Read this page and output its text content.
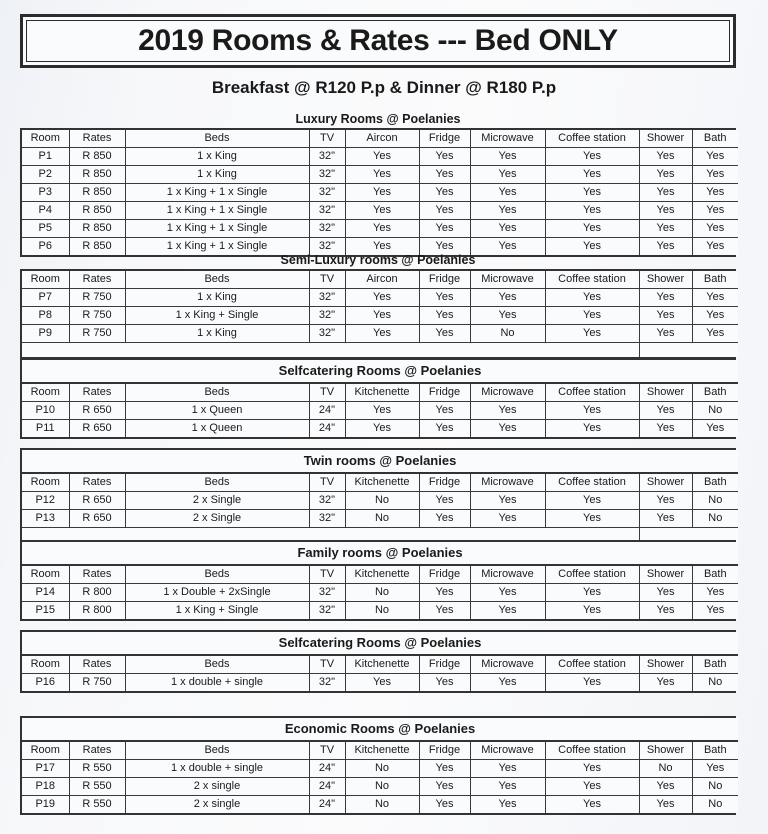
2019 Rooms & Rates --- Bed ONLY
Breakfast @ R120 P.p & Dinner @ R180 P.p
Luxury Rooms @ Poelanies
Room	Rates	Beds	TV	Aircon	Fridge	Microwave	Coffee station	Shower	Bath
P1	R 850	1 x King	32"	Yes	Yes	Yes	Yes	Yes	Yes
P2	R 850	1 x King	32"	Yes	Yes	Yes	Yes	Yes	Yes
P3	R 850	1 x King + 1 x Single	32"	Yes	Yes	Yes	Yes	Yes	Yes
P4	R 850	1 x King + 1 x Single	32"	Yes	Yes	Yes	Yes	Yes	Yes
P5	R 850	1 x King + 1 x Single	32"	Yes	Yes	Yes	Yes	Yes	Yes
P6	R 850	1 x King + 1 x Single	32"	Yes	Yes	Yes	Yes	Yes	Yes
Semi-Luxury rooms @ Poelanies
Room	Rates	Beds	TV	Aircon	Fridge	Microwave	Coffee station	Shower	Bath
P7	R 750	1 x King	32"	Yes	Yes	Yes	Yes	Yes	Yes
P8	R 750	1 x King + Single	32"	Yes	Yes	Yes	Yes	Yes	Yes
P9	R 750	1 x King	32"	Yes	Yes	No	Yes	Yes	Yes

Selfcatering Rooms @ Poelanies									
Room	Rates	Beds	TV	Kitchenette	Fridge	Microwave	Coffee station	Shower	Bath
P10	R 650	1 x Queen	24"	Yes	Yes	Yes	Yes	Yes	No
P11	R 650	1 x Queen	24"	Yes	Yes	Yes	Yes	Yes	Yes
Twin rooms @ Poelanies									
Room	Rates	Beds	TV	Kitchenette	Fridge	Microwave	Coffee station	Shower	Bath
P12	R 650	2 x Single	32"	No	Yes	Yes	Yes	Yes	No
P13	R 650	2 x Single	32"	No	Yes	Yes	Yes	Yes	No

Family rooms @ Poelanies									
Room	Rates	Beds	TV	Kitchenette	Fridge	Microwave	Coffee station	Shower	Bath
P14	R 800	1 x Double + 2xSingle	32"	No	Yes	Yes	Yes	Yes	Yes
P15	R 800	1 x King + Single	32"	No	Yes	Yes	Yes	Yes	Yes
Selfcatering Rooms @ Poelanies									
Room	Rates	Beds	TV	Kitchenette	Fridge	Microwave	Coffee station	Shower	Bath
P16	R 750	1 x double + single	32"	Yes	Yes	Yes	Yes	Yes	No
Economic Rooms @ Poelanies									
Room	Rates	Beds	TV	Kitchenette	Fridge	Microwave	Coffee station	Shower	Bath
P17	R 550	1 x double + single	24"	No	Yes	Yes	Yes	No	Yes
P18	R 550	2 x single	24"	No	Yes	Yes	Yes	Yes	No
P19	R 550	2 x single	24"	No	Yes	Yes	Yes	Yes	No
